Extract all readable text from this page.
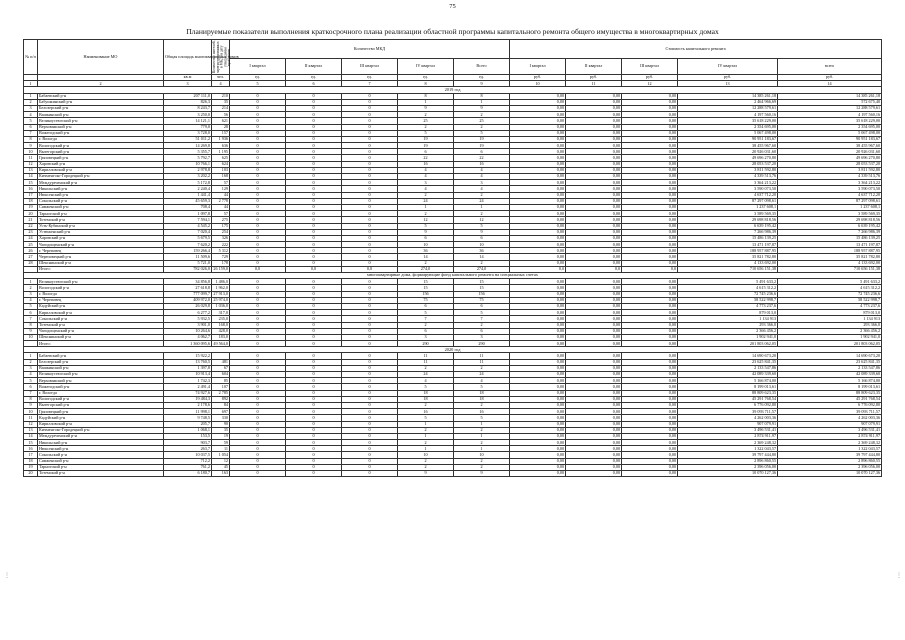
75
Планируемые показатели выполнения краткосрочного плана реализации областной программы капитального ремонта общего имущества в многоквартирных домах
№ п/п	Наименование МО	Общая площадь многоквартирных домов	Количество жителей, зарегистрированных в МКД на дату утверждения программы	Количество МКД					Стоимость капитального ремонта				
				I квартал	II квартал	III квартал	IV квартал	Всего	I квартал	II квартал	III квартал	IV квартал	всего
		кв.м	чел.	ед.	ед.	ед.	ед.	ед.	руб.	руб.	руб.	руб.	руб.
1	2	3	4	5	6	7	8	9	10	11	12	13	14
2019 год													
1	Бабаевский р-н	207 111,0	210	0	0	0	8	8	0,00	0,00	0,00	14 385 261,18	14 385 261,18
2	Бабушкинский р-н	826,3	35	0	0	0	1	1	0,00	0,00	0,00	2 464 966,69	572 675,40
3	Белозерский р-н	8 243,7	214	0	0	0	9	9	0,00	0,00	0,00	12 288 579,61	12 288 579,61
4	Вашкинский р-н	3 250,0	56	0	0	0	2	2	0,00	0,00	0,00	4 197 560,16	4 197 560,16
5	Великоустюгский р-н	14 121,1	621	0	0	0	25	25	0,00	0,00	0,00	35 618 229,00	35 618 229,00
6	Верховажский р-н	779,0	28	0	0	0	2	2	0,00	0,00	0,00	2 354 695,00	2 354 695,00
7	Вожегодский р-н	3 728,0	157	0	0	0	5	5	0,00	0,00	0,00	5 067 498,00	5 067 498,00
8	г. Вологда	51 011,2	1 936	0	0	0	19	19	0,00	0,00	0,00	90 951 183,67	90 951 183,67
9	Вологодский р-н	14 269,8	636	0	0	0	19	19	0,00	0,00	0,00	38 455 967,60	38 455 967,60
10	Вытегорский р-н	5 355,7	1 195	0	0	0	6	6	0,00	0,00	0,00	20 926 031,60	20 926 031,60
11	Грязовецкий р-н	5 792,7	625	0	0	0	22	22	0,00	0,00	0,00	49 696 270,80	49 696 270,80
12	Харовский р-н	10 766,1	624	0	0	0	16	16	0,00	0,00	0,00	28 053 537,20	28 053 537,20
13	Кирилловский р-н	2 978,8	103	0	0	0	4	4	0,00	0,00	0,00	3 811 592,80	3 811 592,80
14	Кичменгско-Городецкий р-н	3 202,2	168	0	0	0	4	4	0,00	0,00	0,00	4 339 513,76	4 339 513,76
15	Междуреченский р-н	5 172,8	57	0	0	0	3	3	0,00	0,00	0,00	3 364 213,22	3 364 213,22
16	Никольский р-н	2 240,4	129	0	0	0	4	4	0,00	0,00	0,00	3 590 073,50	3 590 073,50
17	Нюксенский р-н	1 441,4	44	0	0	0	2	2	0,00	0,00	0,00	4 637 712,20	4 637 712,20
18	Сокольский р-н	45 659,3	2 778	0	0	0	24	24	0,00	0,00	0,00	87 297 098,61	87 297 098,61
19	Сямженский р-н	708,4	44	0	0	0	1	1	0,00	0,00	0,00	1 237 608,1	1 237 608,1
20	Тарногский р-н	1 097,8	57	0	0	0	2	2	0,00	0,00	0,00	3 589 569,35	3 589 569,35
21	Тотемский р-н	7 594,1	275	0	0	0	12	12	0,00	0,00	0,00	29 698 818,56	29 698 818,56
22	Усть-Кубинский р-н	4 545,2	175	0	0	0	5	5	0,00	0,00	0,00	6 639 195,42	6 639 195,42
23	Устюженский р-н	7 020,4	254	0	0	0	9	9	0,00	0,00	0,00	7 266 986,39	7 266 986,39
24	Харовский р-н	5 679,5	326	0	0	0	6	6	0,00	0,00	0,00	15 486 139,25	15 486 139,25
25	Чагодощенский р-н	7 620,2	222	0	0	0	10	10	0,00	0,00	0,00	13 471 197,87	13 471 197,87
26	г. Череповец	159 266,4	5 312	0	0	0	36	36	0,00	0,00	0,00	188 957 887,95	188 957 887,95
27	Череповецкий р-н	11 509,6	729	0	0	0	14	14	0,00	0,00	0,00	35 821 782,80	35 821 782,80
28	Шекснинский р-н	5 721,0	178	0	0	0	2	2	0,00	0,00	0,00	4 133 692,00	4 133 692,00
	Итого:	782 026,0	26 159,0	0,0	0,0	0,0	274,0	274,0	0,0	0,0	0,0	710 656 151,38	710 656 151,38
многоквартирные дома, формирующие фонд капитального ремонта на специальных счетах													
1	Великоустюгский р-н	34 856,8	1 486,0	0	0	0	15	15	0,00	0,00	0,00	5 491 633,2	5 491 633,2
2	Вологодский р-н	27 618,8	1 962,0	0	0	0	15	15	0,00	0,00	0,00	4 615 312,2	4 615 312,2
3	г. Вологда	777 099,7	27 913,0	0	0	0	156	156	0,00	0,00	0,00	72 745 236,6	72 745 236,6
4	г. Череповец	409 972,0	25 974,0	0	0	0	75	75	0,00	0,00	0,00	58 522 998,7	58 522 998,7
5	Кадуйский р-н	26 029,8	1 036,0	0	0	0	6	6	0,00	0,00	0,00	4 773 237,6	4 773 237,6
6	Кирилловский р-н	6 277,2	317,0	0	0	0	5	5	0,00	0,00	0,00	879 013,0	879 013,0
7	Сокольский р-н	5 932,5	235,0	0	0	0	7	7	0,00	0,00	0,00	1 134 913	1 134 913
8	Тотемский р-н	3 901,0	168,0	0	0	0	2	2	0,00	0,00	0,00	293 366,0	293 366,0
9	Чагодощенский р-н	10 264,6	428,0	0	0	0	6	6	0,00	0,00	0,00	2 366 456,2	2 366 456,2
10	Шекснинский р-н	4 062,7	183,0	0	0	0	3	3	0,00	0,00	0,00	1 902 941,0	1 902 941,0
	Итого:	1 360 095,6	49 564,0	0	0	0	290	290	0,00	0,00	0,00	201 803 062,05	201 803 062,05
2020 год													
1	Бабаевский р-н	15 922,2		0	0	0	11	11	0,00	0,00	0,00	14 690 673,20	14 690 673,20
2	Белозерский р-н	13 760,5	481	0	0	0	11	11	0,00	0,00	0,00	23 625 841,35	23 625 841,35
3	Вашкинский р-н	1 397,8	67	0	0	0	2	2	0,00	0,00	0,00	2 133 547,86	2 133 547,86
4	Великоустюгский р-н	10 913,4	604	0	0	0	24	24	0,00	0,00	0,00	42 089 339,60	42 089 339,60
5	Верховажский р-н	1 742,3	85	0	0	0	4	4	0,00	0,00	0,00	5 166 874,00	5 166 874,00
6	Вожегодский р-н	2 491,4	107	0	0	0	5	5	0,00	0,00	0,00	8 199 013,61	8 199 013,61
7	г. Вологда	74 927,6	2 785	0	0	0	18	18	0,00	0,00	0,00	88 809 623,35	88 809 623,35
8	Вологодский р-н	19 484,3	892	0	0	0	18	18	0,00	0,00	0,00	45 291 768,54	45 291 768,54
9	Вытегорский р-н	2 178,6	84	0	0	0	2	2	0,00	0,00	0,00	6 776 092,80	6 776 092,80
10	Грязовецкий р-н	11 998,1	697	0	0	0	16	16	0,00	0,00	0,00	39 093 711,57	39 093 711,57
11	Кадуйский р-н	9 748,5	330	0	0	0	5	5	0,00	0,00	0,00	4 262 003,36	4 262 003,36
12	Кирилловский р-н	205,7	90	0	0	0	1	1	0,00	0,00	0,00	907 079,91	907 079,91
13	Кичменгско-Городецкий р-н	1 068,1	35	0	0	0	2	2	0,00	0,00	0,00	3 496 531,41	3 496 531,41
14	Междуреченский р-н	153,5	19	0	0	0	1	1	0,00	0,00	0,00	2 874 911,97	2 874 911,97
15	Никольский р-н	903,7	59	0	0	0	2	2	0,00	0,00	0,00	2 369 248,32	2 369 248,32
16	Нюксенский р-н	263,7	11	0	0	0	1	1	0,00	0,00	0,00	1 322 043,57	1 322 043,57
17	Сокольский р-н	10 037,5	1 054	0	0	0	10	10	0,00	0,00	0,00	39 797 444,80	39 797 444,80
18	Сямженский р-н	712,2	12	0	0	0	2	2	0,00	0,00	0,00	2 896 860,55	2 896 860,55
19	Тарногский р-н	761,2	45	0	0	0	2	2	0,00	0,00	0,00	2 396 056,00	2 396 056,00
20	Тотемский р-н	6 180,7	163	0	0	0	9	9	0,00	0,00	0,00	10 070 127,36	10 070 127,36
⋮	⋮
